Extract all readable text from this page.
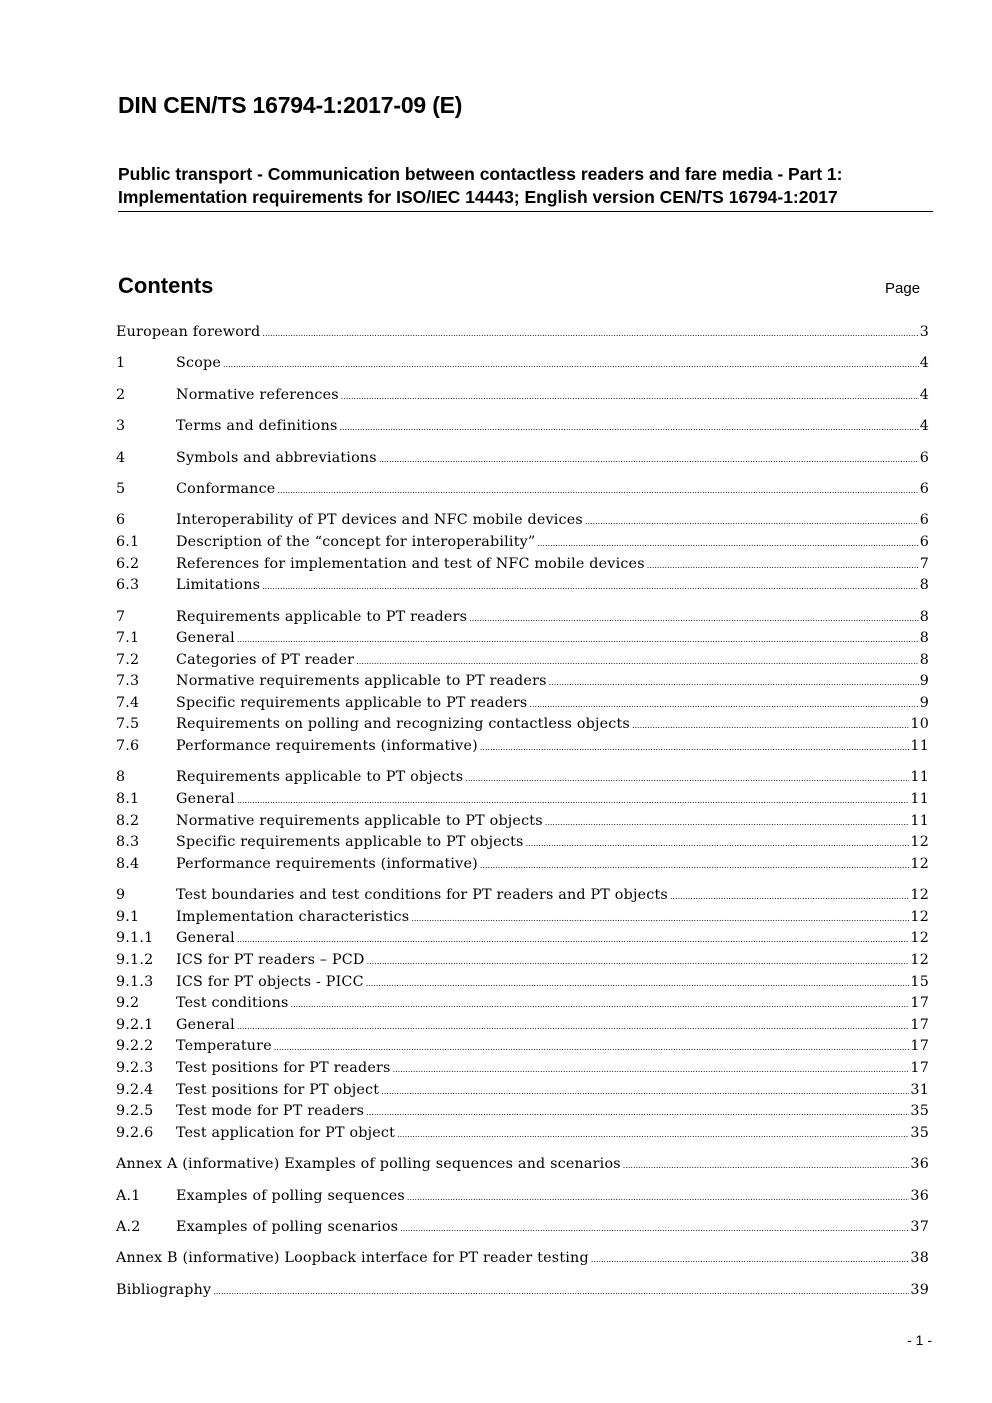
DIN CEN/TS 16794-1:2017-09 (E)
Public transport - Communication between contactless readers and fare media - Part 1: Implementation requirements for ISO/IEC 14443; English version CEN/TS 16794-1:2017
Contents	Page
European foreword .....	3
1	Scope .....	4
2	Normative references .....	4
3	Terms and definitions .....	4
4	Symbols and abbreviations .....	6
5	Conformance .....	6
6	Interoperability of PT devices and NFC mobile devices .....	6
6.1	Description of the “concept for interoperability” .....	6
6.2	References for implementation and test of NFC mobile devices .....	7
6.3	Limitations .....	8
7	Requirements applicable to PT readers .....	8
7.1	General .....	8
7.2	Categories of PT reader .....	8
7.3	Normative requirements applicable to PT readers .....	9
7.4	Specific requirements applicable to PT readers .....	9
7.5	Requirements on polling and recognizing contactless objects .....	10
7.6	Performance requirements (informative) .....	11
8	Requirements applicable to PT objects .....	11
8.1	General .....	11
8.2	Normative requirements applicable to PT objects .....	11
8.3	Specific requirements applicable to PT objects .....	12
8.4	Performance requirements (informative) .....	12
9	Test boundaries and test conditions for PT readers and PT objects .....	12
9.1	Implementation characteristics .....	12
9.1.1	General .....	12
9.1.2	ICS for PT readers – PCD .....	12
9.1.3	ICS for PT objects - PICC .....	15
9.2	Test conditions .....	17
9.2.1	General .....	17
9.2.2	Temperature .....	17
9.2.3	Test positions for PT readers .....	17
9.2.4	Test positions for PT object .....	31
9.2.5	Test mode for PT readers .....	35
9.2.6	Test application for PT object .....	35
Annex A (informative) Examples of polling sequences and scenarios .....	36
A.1	Examples of polling sequences .....	36
A.2	Examples of polling scenarios .....	37
Annex B (informative) Loopback interface for PT reader testing .....	38
Bibliography .....	39
- 1 -
